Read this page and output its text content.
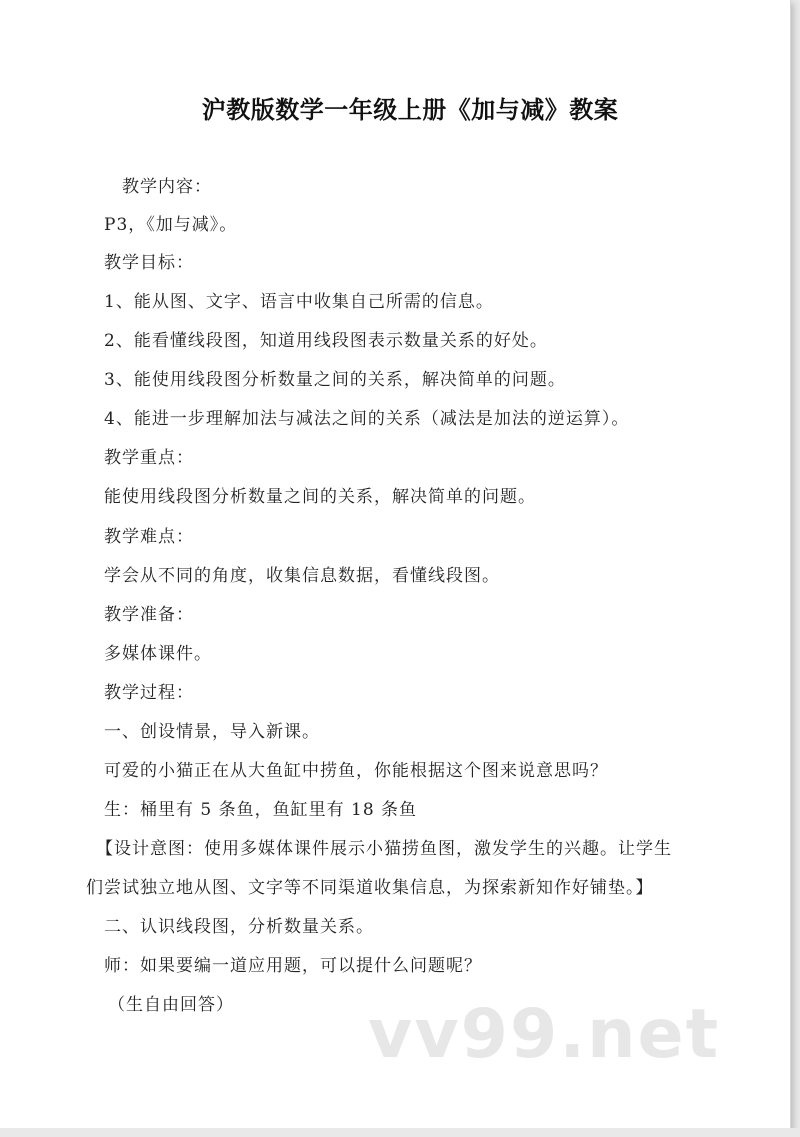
沪教版数学一年级上册《加与减》教案
教学内容：
P3，《加与减》。
教学目标：
1、能从图、文字、语言中收集自己所需的信息。
2、能看懂线段图，知道用线段图表示数量关系的好处。
3、能使用线段图分析数量之间的关系，解决简单的问题。
4、能进一步理解加法与减法之间的关系（减法是加法的逆运算）。
教学重点：
能使用线段图分析数量之间的关系，解决简单的问题。
教学难点：
学会从不同的角度，收集信息数据，看懂线段图。
教学准备：
多媒体课件。
教学过程：
一、创设情景，导入新课。
可爱的小猫正在从大鱼缸中捞鱼，你能根据这个图来说意思吗？
生：桶里有 5 条鱼，鱼缸里有 18 条鱼
【设计意图：使用多媒体课件展示小猫捞鱼图，激发学生的兴趣。让学生
们尝试独立地从图、文字等不同渠道收集信息，为探索新知作好铺垫。】
二、认识线段图，分析数量关系。
师：如果要编一道应用题，可以提什么问题呢？
（生自由回答） vv99.net
